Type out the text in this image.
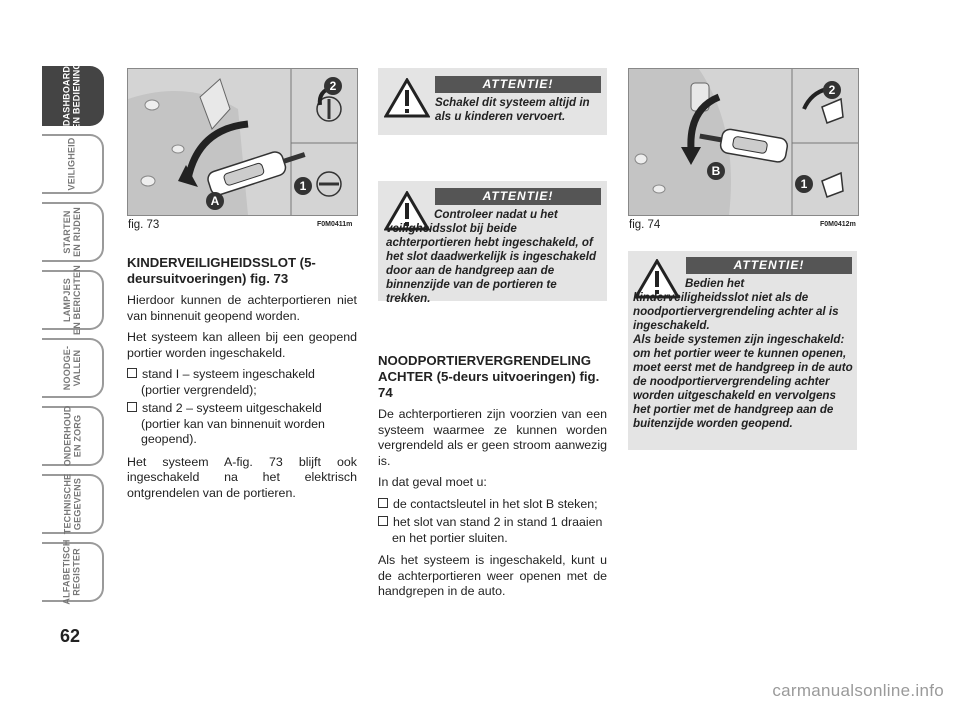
DASHBOARD
EN BEDIENING
VEILIGHEID
STARTEN
EN RIJDEN
LAMPJES
EN BERICHTEN
NOODGE-
VALLEN
ONDERHOUD
EN ZORG
TECHNISCHE
GEGEVENS
ALFABETISCH
REGISTER
62
2
1
A
fig. 73	F0M0411m
KINDERVEILIGHEIDSSLOT (5-deursuitvoeringen) fig. 73

Hierdoor kunnen de achterportieren niet van binnenuit geopend worden.

Het systeem kan alleen bij een geopend portier worden ingeschakeld.

stand I – systeem ingeschakeld (portier vergrendeld);
stand 2 – systeem uitgeschakeld (portier kan van binnenuit worden geopend).

Het systeem A-fig. 73 blijft ook ingeschakeld na het elektrisch ontgrendelen van de portieren.

ATTENTIE!
Schakel dit systeem altijd in als u kinderen vervoert.
ATTENTIE!
Controleer nadat u het veiligheidsslot bij beide achterportieren hebt ingeschakeld, of het slot daadwerkelijk is ingeschakeld door aan de handgreep aan de binnenzijde van de portieren te trekken.
NOODPORTIERVERGRENDELING ACHTER (5-deurs uitvoeringen) fig. 74

De achterportieren zijn voorzien van een systeem waarmee ze kunnen worden vergrendeld als er geen stroom aanwezig is.

In dat geval moet u:

de contactsleutel in het slot B steken;
het slot van stand 2 in stand 1 draaien en het portier sluiten.

Als het systeem is ingeschakeld, kunt u de achterportieren weer openen met de handgrepen in de auto.

2
1
B
fig. 74	F0M0412m
ATTENTIE!
Bedien het kinderveiligheidsslot niet als de noodportiervergrendeling achter al is ingeschakeld.
Als beide systemen zijn ingeschakeld: om het portier weer te kunnen openen, moet eerst met de handgreep in de auto de noodportiervergrendeling achter worden uitgeschakeld en vervolgens het portier met de handgreep aan de buitenzijde worden geopend.
carmanualsonline.info
